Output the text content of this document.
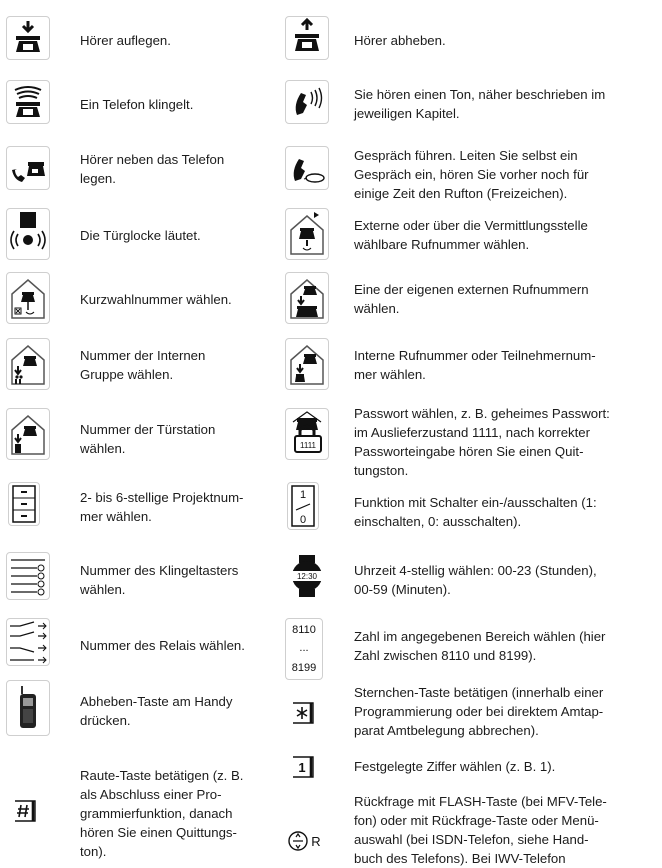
Hörer auflegen.
Ein Telefon klingelt.
Hörer neben das Telefon
legen.
Die Türglocke läutet.
Kurzwahlnummer wählen.
Nummer der Internen
Gruppe wählen.
Nummer der Türstation
wählen.
2- bis 6-stellige Projektnum-
mer wählen.
Nummer des Klingeltasters
wählen.
Nummer des Relais wählen.
Abheben-Taste am Handy
drücken.
Raute-Taste betätigen (z. B.
als Abschluss einer Pro-
grammierfunktion, danach
hören Sie einen Quittungs-
ton).
Hörer abheben.
Sie hören einen Ton, näher beschrieben im
jeweiligen Kapitel.
Gespräch führen. Leiten Sie selbst ein
Gespräch ein, hören Sie vorher noch für
einige Zeit den Rufton (Freizeichen).
Externe oder über die Vermittlungsstelle
wählbare Rufnummer wählen.
Eine der eigenen externen Rufnummern
wählen.
Interne Rufnummer oder Teilnehmernum-
mer wählen.
1111
Passwort wählen, z. B. geheimes Passwort:
im Auslieferzustand 1111, nach korrekter
Passworteingabe hören Sie einen Quit-
tungston.
1
0
Funktion mit Schalter ein-/ausschalten (1:
einschalten, 0: ausschalten).
12:30	Uhrzeit 4-stellig wählen: 00-23 (Stunden),
00-59 (Minuten).
8110
...
8199
Zahl im angegebenen Bereich wählen (hier
Zahl zwischen 8110 und 8199).
Sternchen-Taste betätigen (innerhalb einer
Programmierung oder bei direktem Amtap-
parat Amtbelegung abbrechen).
1	Festgelegte Ziffer wählen (z. B. 1).
R
Rückfrage mit FLASH-Taste (bei MFV-Tele-
fon) oder mit Rückfrage-Taste oder Menü-
auswahl (bei ISDN-Telefon, siehe Hand-
buch des Telefons). Bei IWV-Telefon
